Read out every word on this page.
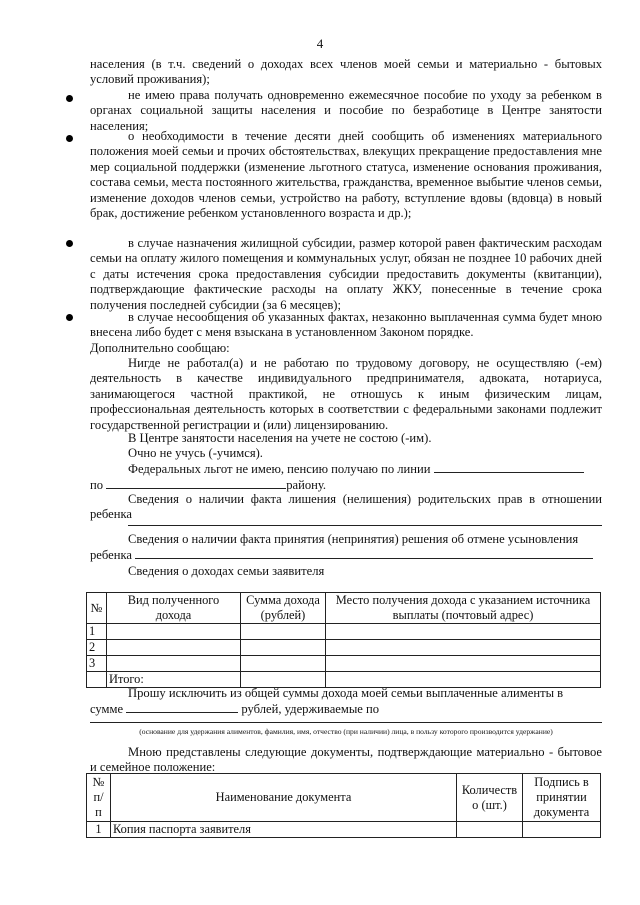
4

населения (в т.ч. сведений о доходах всех членов моей семьи и материально - бытовых условий проживания);

не имею права получать одновременно ежемесячное пособие по уходу за ребенком в органах социальной защиты населения и пособие по безработице в Центре занятости населения;

о необходимости в течение десяти дней сообщить об изменениях материального положения моей семьи и прочих обстоятельствах, влекущих прекращение предоставления мне мер социальной поддержки (изменение льготного статуса, изменение основания проживания, состава семьи, места постоянного жительства, гражданства, временное выбытие членов семьи, изменение доходов членов семьи, устройство на работу, вступление вдовы (вдовца) в новый брак, достижение ребенком установленного возраста и др.);

в случае назначения жилищной субсидии, размер которой равен фактическим расходам семьи на оплату жилого помещения и коммунальных услуг, обязан не позднее 10 рабочих дней с даты истечения срока предоставления субсидии предоставить документы (квитанции), подтверждающие фактические расходы на оплату ЖКУ, понесенные в течение срока получения последней субсидии (за 6 месяцев);

в случае несообщения об указанных фактах, незаконно выплаченная сумма будет мною внесена либо будет с меня взыскана в установленном Законом порядке.

Дополнительно сообщаю:

Нигде не работал(а) и не работаю по трудовому договору, не осуществляю (-ем) деятельность в качестве индивидуального предпринимателя, адвоката, нотариуса, занимающегося частной практикой, не отношусь к иным физическим лицам, профессиональная деятельность которых в соответствии с федеральными законами подлежит государственной регистрации и (или) лицензированию.

В Центре занятости населения на учете не состою (-им).

Очно не учусь (-учимся).

Федеральных льгот не имею, пенсию получаю по линии

по	району.

Сведения о наличии факта лишения (нелишения) родительских прав в отношении ребенка

Сведения о наличии факта принятия (непринятия) решения об отмене усыновления

ребенка

Сведения о доходах семьи заявителя

№	Вид полученного дохода	Сумма дохода (рублей)	Место получения дохода с указанием источника выплаты (почтовый адрес)
1			
2			
3			
	Итого:		

Прошу исключить из общей суммы дохода моей семьи выплаченные алименты в

сумме	рублей, удерживаемые по

(основание для удержания алиментов, фамилия, имя, отчество (при наличии) лица, в пользу которого производится удержание)

Мною представлены следующие документы, подтверждающие материально - бытовое и семейное положение:

№ п/ п	Наименование документа	Количеств о (шт.)	Подпись в принятии документа
1	Копия паспорта заявителя		
